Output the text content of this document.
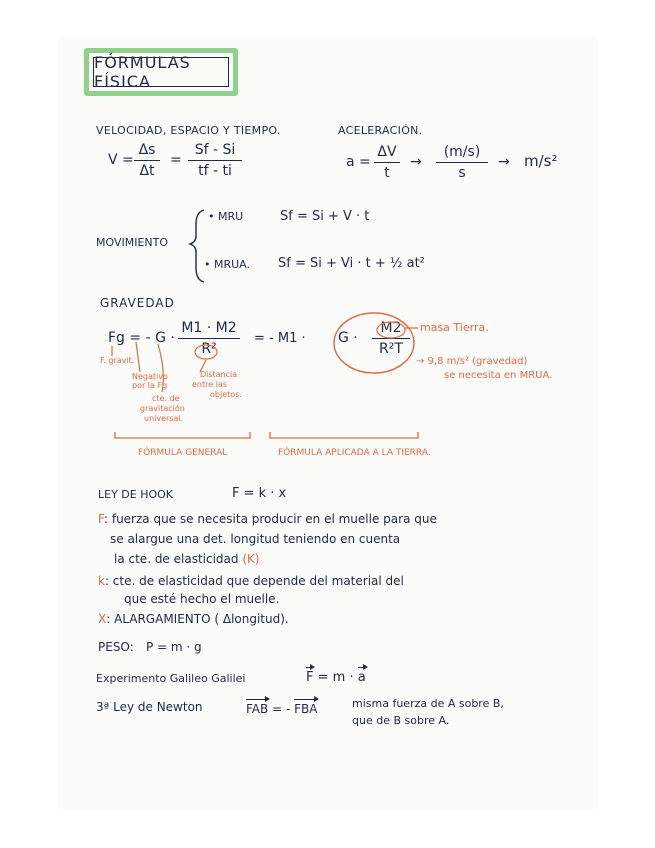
FÓRMULAS FÍSICA
VELOCIDAD, ESPACIO Y TIEMPO.
V =
Δs
Δt
=
Sf - Si
tf - ti
ACELERACIÓN.
a =
ΔV
t
→
(m/s)
s
→ m/s²
MOVIMIENTO
• MRU	Sf = Si + V · t
• MRUA. Sf = Si + Vi · t + ½ at²
GRAVEDAD
Fg = - G ·
M1 · M2
R²
= - M1 · G ·
M2
R²T
masa Tierra.
→ 9,8 m/s² (gravedad)
se necesita en MRUA.
F. gravit.
Negativo
por la Fg
cte. de
gravitación
universal.
Distancia
entre las
objetos.
FÓRMULA GENERAL	FÓRMULA APLICADA A LA TIERRA.
LEY DE HOOK	F = k · x
F: fuerza que se necesita producir en el muelle para que
se alargue una det. longitud teniendo en cuenta
la cte. de elasticidad (K)
k: cte. de elasticidad que depende del material del
que esté hecho el muelle.
X: ALARGAMIENTO ( Δlongitud).
PESO: P = m · g
Experimento Galileo Galilei	F = m · a
3ª Ley de Newton	FAB = - FBA	misma fuerza de A sobre B,
que de B sobre A.
